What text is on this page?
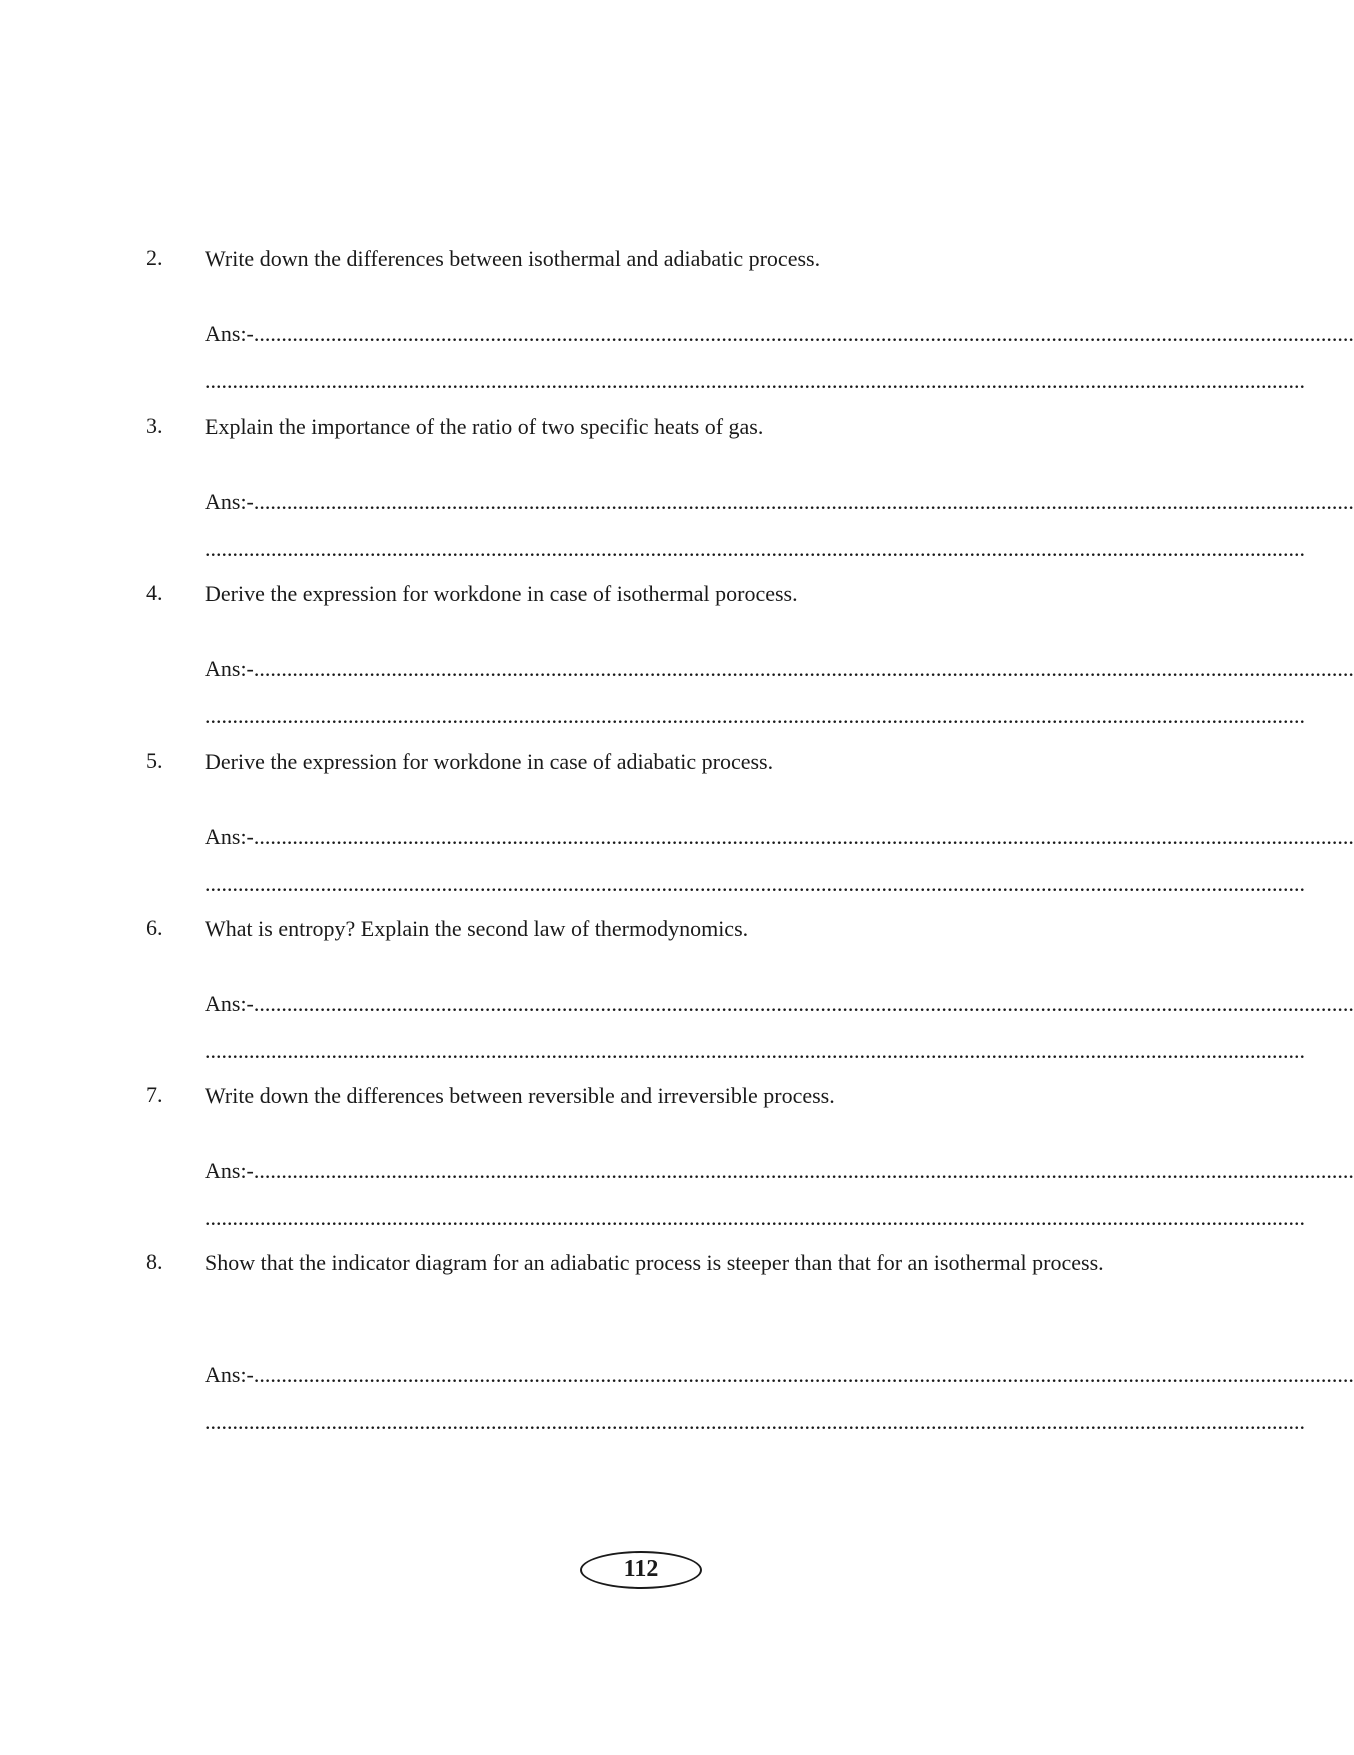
2. Write down the differences between isothermal and adiabatic process.
Ans:-........................................................................................................................................................................................................
........................................................................................................................................................................................................
3. Explain the importance of the ratio of two specific heats of gas.
Ans:-........................................................................................................................................................................................................
........................................................................................................................................................................................................
4. Derive the expression for workdone in case of isothermal porocess.
Ans:-........................................................................................................................................................................................................
........................................................................................................................................................................................................
5. Derive the expression for workdone in case of adiabatic process.
Ans:-........................................................................................................................................................................................................
........................................................................................................................................................................................................
6. What is entropy? Explain the second law of thermodynomics.
Ans:-........................................................................................................................................................................................................
........................................................................................................................................................................................................
7. Write down the differences between reversible and irreversible process.
Ans:-........................................................................................................................................................................................................
........................................................................................................................................................................................................
8. Show that the indicator diagram for an adiabatic process is steeper than that for an isothermal process.
Ans:-........................................................................................................................................................................................................
........................................................................................................................................................................................................
112
